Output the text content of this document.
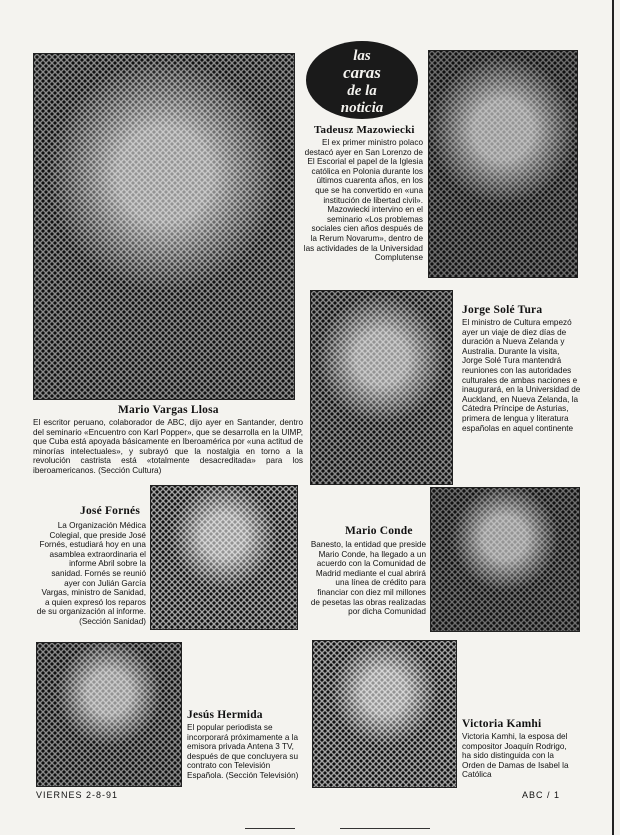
las
caras
de la
noticia
Mario Vargas Llosa
El escritor peruano, colaborador de ABC, dijo ayer en Santander, dentro del seminario «Encuentro con Karl Popper», que se desarrolla en la UIMP, que Cuba está apoyada básicamente en Iberoamérica por «una actitud de minorías intelectuales», y subrayó que la nostalgia en torno a la revolución castrista está «totalmente desacreditada» para los iberoamericanos. (Sección Cultura)
Tadeusz Mazowiecki
El ex primer ministro polaco destacó ayer en San Lorenzo de El Escorial el papel de la Iglesia católica en Polonia durante los últimos cuarenta años, en los que se ha convertido en «una institución de libertad civil». Mazowiecki intervino en el seminario «Los problemas sociales cien años después de la Rerum Novarum», dentro de las actividades de la Universidad Complutense
Jorge Solé Tura
El ministro de Cultura empezó ayer un viaje de diez días de duración a Nueva Zelanda y Australia. Durante la visita, Jorge Solé Tura mantendrá reuniones con las autoridades culturales de ambas naciones e inaugurará, en la Universidad de Auckland, en Nueva Zelanda, la Cátedra Príncipe de Asturias, primera de lengua y literatura españolas en aquel continente
José Fornés
La Organización Médica Colegial, que preside José Fornés, estudiará hoy en una asamblea extraordinaria el informe Abril sobre la sanidad. Fornés se reunió ayer con Julián García Vargas, ministro de Sanidad, a quien expresó los reparos de su organización al informe. (Sección Sanidad)
Mario Conde
Banesto, la entidad que preside Mario Conde, ha llegado a un acuerdo con la Comunidad de Madrid mediante el cual abrirá una línea de crédito para financiar con diez mil millones de pesetas las obras realizadas por dicha Comunidad
Jesús Hermida
El popular periodista se incorporará próximamente a la emisora privada Antena 3 TV, después de que concluyera su contrato con Televisión Española. (Sección Televisión)
Victoria Kamhi
Victoria Kamhi, la esposa del compositor Joaquín Rodrigo, ha sido distinguida con la Orden de Damas de Isabel la Católica
VIERNES 2-8-91	ABC / 1
